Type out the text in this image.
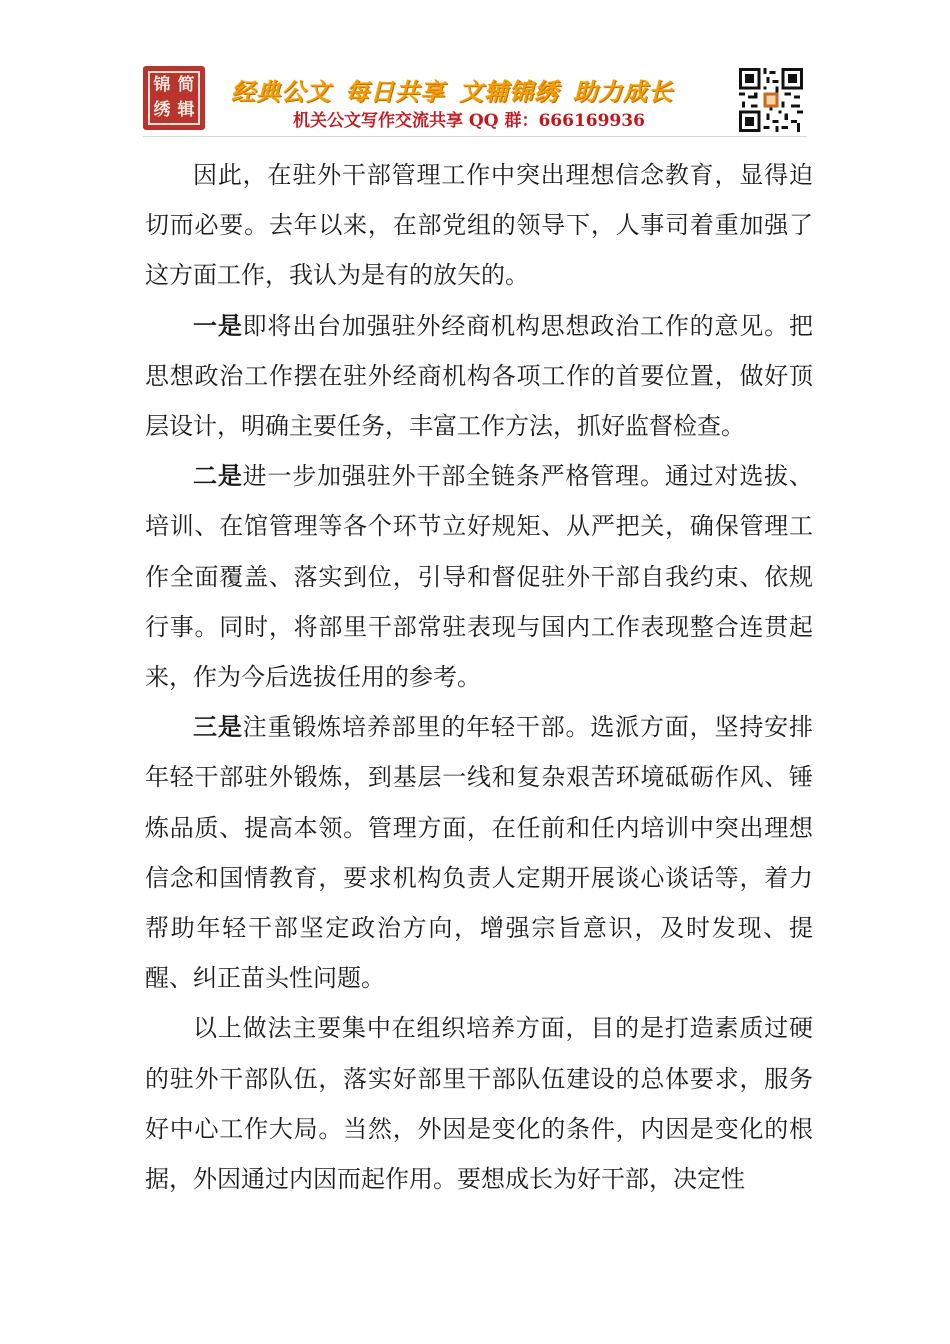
锦 简
绣 辑
经典公文 每日共享 文辅锦绣 助力成长
机关公文写作交流共享 QQ 群：666169936

因此，在驻外干部管理工作中突出理想信念教育，显得迫切而必要。去年以来，在部党组的领导下，人事司着重加强了这方面工作，我认为是有的放矢的。

一是即将出台加强驻外经商机构思想政治工作的意见。把思想政治工作摆在驻外经商机构各项工作的首要位置，做好顶层设计，明确主要任务，丰富工作方法，抓好监督检查。

二是进一步加强驻外干部全链条严格管理。通过对选拔、培训、在馆管理等各个环节立好规矩、从严把关，确保管理工作全面覆盖、落实到位，引导和督促驻外干部自我约束、依规行事。同时，将部里干部常驻表现与国内工作表现整合连贯起来，作为今后选拔任用的参考。

三是注重锻炼培养部里的年轻干部。选派方面，坚持安排年轻干部驻外锻炼，到基层一线和复杂艰苦环境砥砺作风、锤炼品质、提高本领。管理方面，在任前和任内培训中突出理想信念和国情教育，要求机构负责人定期开展谈心谈话等，着力帮助年轻干部坚定政治方向，增强宗旨意识，及时发现、提醒、纠正苗头性问题。

以上做法主要集中在组织培养方面，目的是打造素质过硬的驻外干部队伍，落实好部里干部队伍建设的总体要求，服务好中心工作大局。当然，外因是变化的条件，内因是变化的根据，外因通过内因而起作用。要想成长为好干部，决定性
